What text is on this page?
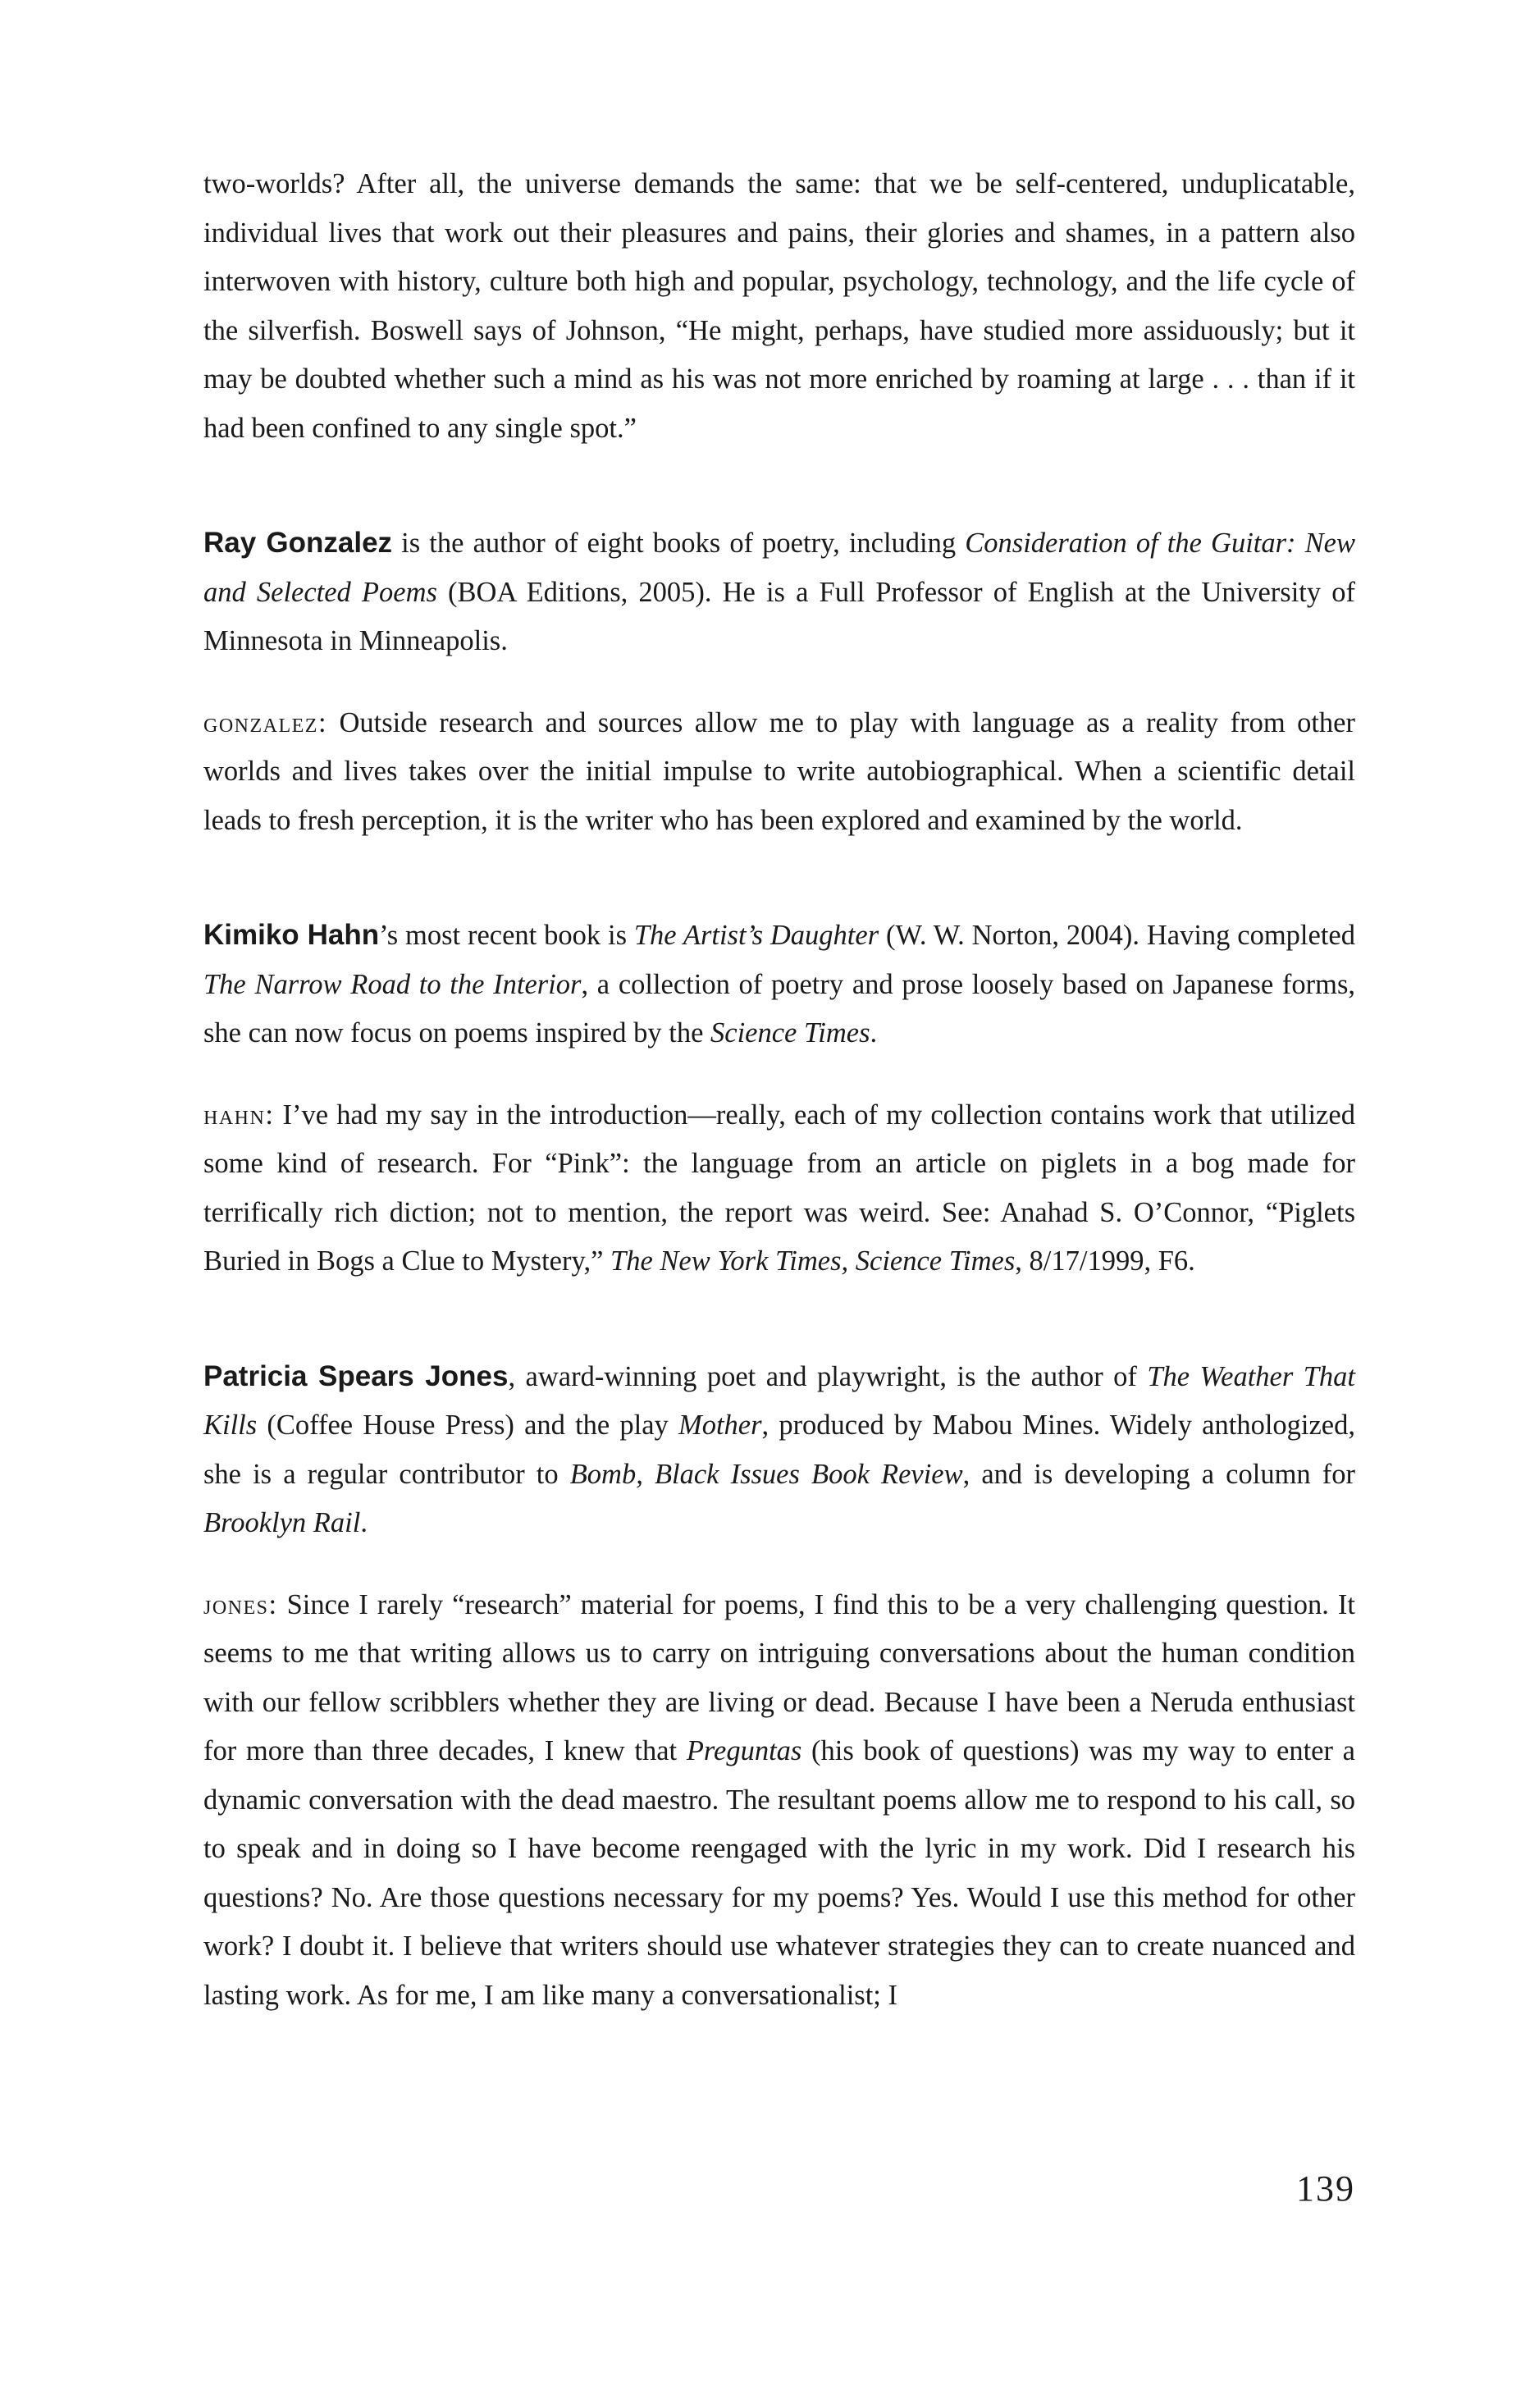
two-worlds? After all, the universe demands the same: that we be self-centered, unduplicatable, individual lives that work out their pleasures and pains, their glories and shames, in a pattern also interwoven with history, culture both high and popular, psychology, technology, and the life cycle of the silverfish. Boswell says of Johnson, “He might, perhaps, have studied more assiduously; but it may be doubted whether such a mind as his was not more enriched by roaming at large . . . than if it had been confined to any single spot.”

Ray Gonzalez is the author of eight books of poetry, including Consideration of the Guitar: New and Selected Poems (BOA Editions, 2005). He is a Full Professor of English at the University of Minnesota in Minneapolis.

gonzalez: Outside research and sources allow me to play with language as a reality from other worlds and lives takes over the initial impulse to write autobiographical. When a scientific detail leads to fresh perception, it is the writer who has been explored and examined by the world.

Kimiko Hahn’s most recent book is The Artist’s Daughter (W. W. Norton, 2004). Having completed The Narrow Road to the Interior, a collection of poetry and prose loosely based on Japanese forms, she can now focus on poems inspired by the Science Times.

hahn: I’ve had my say in the introduction—really, each of my collection contains work that utilized some kind of research. For “Pink”: the language from an article on piglets in a bog made for terrifically rich diction; not to mention, the report was weird. See: Anahad S. O’Connor, “Piglets Buried in Bogs a Clue to Mystery,” The New York Times, Science Times, 8/17/1999, F6.

Patricia Spears Jones, award-winning poet and playwright, is the author of The Weather That Kills (Coffee House Press) and the play Mother, produced by Mabou Mines. Widely anthologized, she is a regular contributor to Bomb, Black Issues Book Review, and is developing a column for Brooklyn Rail.

jones: Since I rarely “research” material for poems, I find this to be a very challenging question. It seems to me that writing allows us to carry on intriguing conversations about the human condition with our fellow scribblers whether they are living or dead. Because I have been a Neruda enthusiast for more than three decades, I knew that Preguntas (his book of questions) was my way to enter a dynamic conversation with the dead maestro. The resultant poems allow me to respond to his call, so to speak and in doing so I have become reengaged with the lyric in my work. Did I research his questions? No. Are those questions necessary for my poems? Yes. Would I use this method for other work? I doubt it. I believe that writers should use whatever strategies they can to create nuanced and lasting work. As for me, I am like many a conversationalist; I

139
